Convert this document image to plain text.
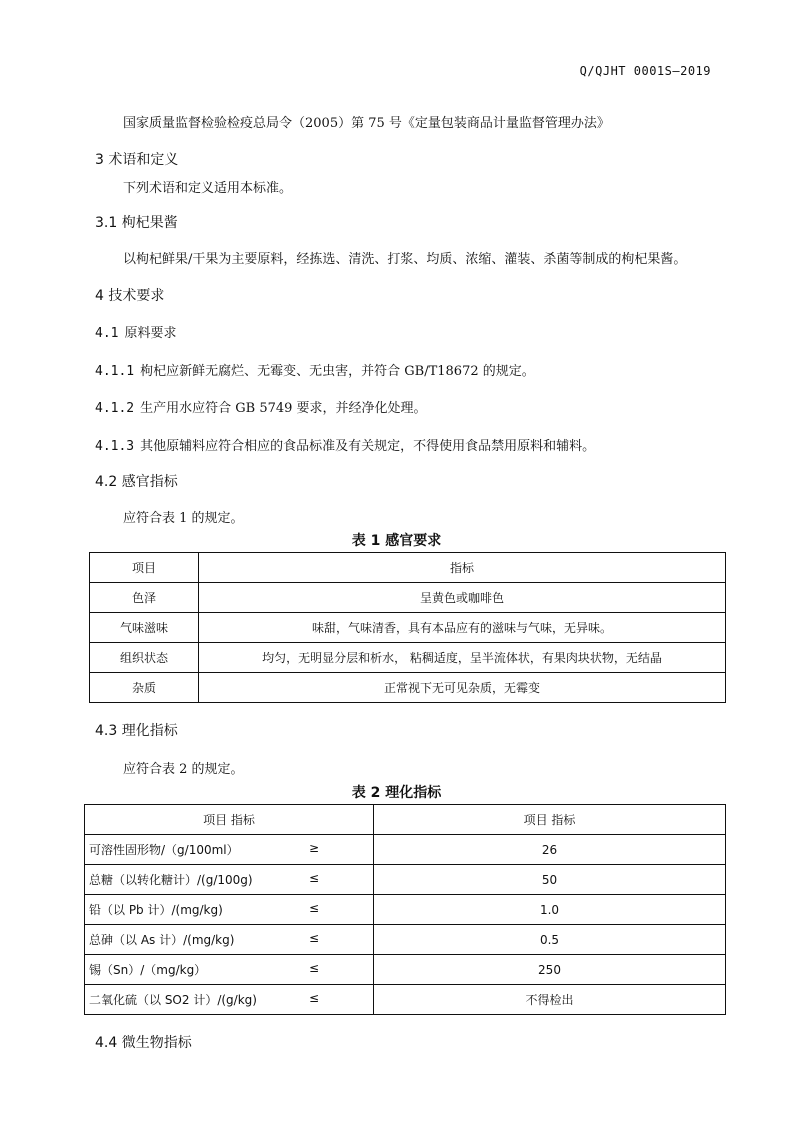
Q/QJHT 0001S—2019
国家质量监督检验检疫总局令（2005）第 75 号《定量包装商品计量监督管理办法》
3 术语和定义
下列术语和定义适用本标准。
3.1 枸杞果酱
以枸杞鲜果/干果为主要原料，经拣选、清洗、打浆、均质、浓缩、灌装、杀菌等制成的枸杞果酱。
4 技术要求
4.1 原料要求
4.1.1 枸杞应新鲜无腐烂、无霉变、无虫害，并符合 GB/T18672 的规定。
4.1.2 生产用水应符合 GB 5749 要求，并经净化处理。
4.1.3 其他原辅料应符合相应的食品标准及有关规定，不得使用食品禁用原料和辅料。
4.2 感官指标
应符合表 1 的规定。
表 1 感官要求
项目	指标
色泽	呈黄色或咖啡色
气味滋味	味甜，气味清香，具有本品应有的滋味与气味，无异味。
组织状态	均匀，无明显分层和析水， 粘稠适度，呈半流体状，有果肉块状物，无结晶
杂质	正常视下无可见杂质，无霉变
4.3 理化指标
应符合表 2 的规定。
表 2 理化指标
项目 指标	项目 指标
可溶性固形物/（g/100ml） ≥	26
总糖（以转化糖计）/(g/100g) ≤	50
铅（以 Pb 计）/(mg/kg) ≤	1.0
总砷（以 As 计）/(mg/kg) ≤	0.5
锡（Sn）/（mg/kg） ≤	250
二氧化硫（以 SO2 计）/(g/kg) ≤	不得检出
4.4 微生物指标
